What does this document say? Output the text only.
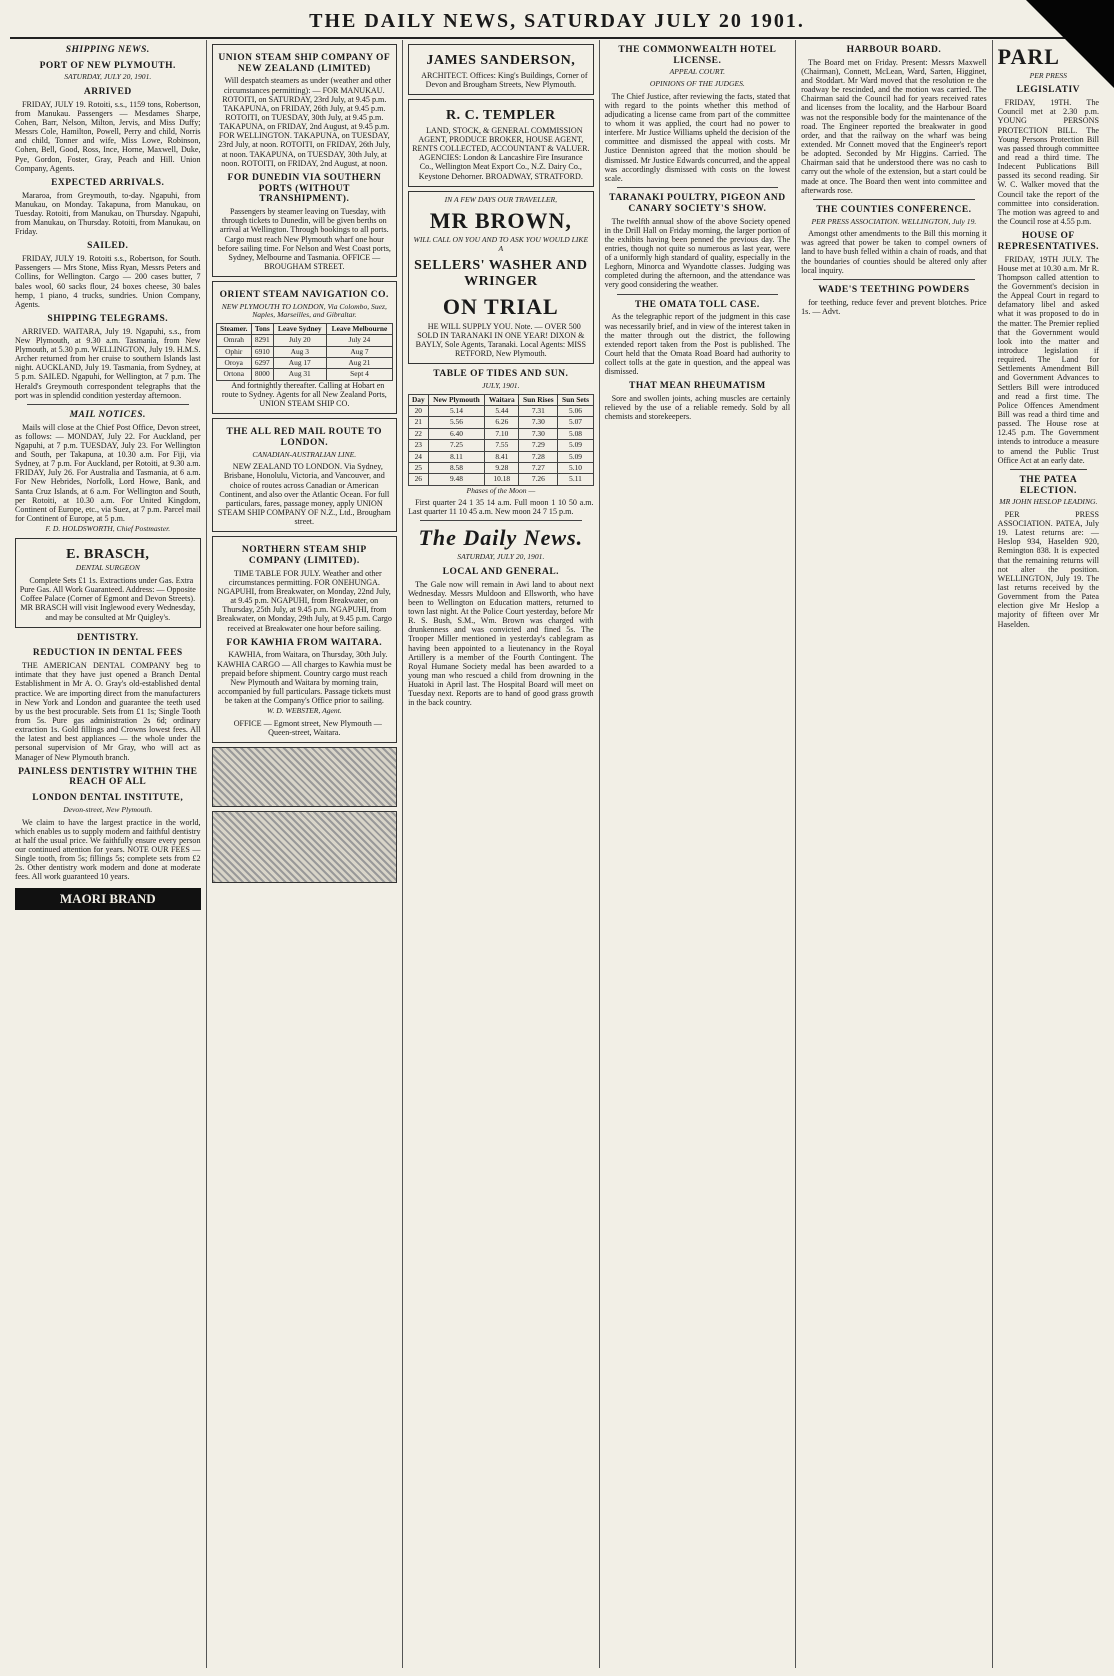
THE DAILY NEWS, SATURDAY JULY 20 1901.
SHIPPING NEWS.
PORT OF NEW PLYMOUTH.
SATURDAY, JULY 20, 1901.
ARRIVED

FRIDAY, JULY 19. Rotoiti, s.s., 1159 tons, Robertson, from Manukau. Passengers — Mesdames Sharpe, Cohen, Barr, Nelson, Milton, Jervis, and Miss Duffy; Messrs Cole, Hamilton, Powell, Perry and child, Norris and child, Tonner and wife, Miss Lowe, Robinson, Cohen, Bell, Good, Ross, Ince, Horne, Maxwell, Duke, Pye, Gordon, Foster, Gray, Peach and Hill. Union Company, Agents.

EXPECTED ARRIVALS.

Mararoa, from Greymouth, to-day. Ngapuhi, from Manukau, on Monday. Takapuna, from Manukau, on Tuesday. Rotoiti, from Manukau, on Thursday. Ngapuhi, from Manukau, on Thursday. Rotoiti, from Manukau, on Friday.

SAILED.

FRIDAY, JULY 19. Rotoiti s.s., Robertson, for South. Passengers — Mrs Stone, Miss Ryan, Messrs Peters and Collins, for Wellington. Cargo — 200 cases butter, 7 bales wool, 60 sacks flour, 24 boxes cheese, 30 bales hemp, 1 piano, 4 trucks, sundries. Union Company, Agents.

SHIPPING TELEGRAMS.

ARRIVED. WAITARA, July 19. Ngapuhi, s.s., from New Plymouth, at 9.30 a.m. Tasmania, from New Plymouth, at 5.30 p.m. WELLINGTON, July 19. H.M.S. Archer returned from her cruise to southern Islands last night. AUCKLAND, July 19. Tasmania, from Sydney, at 5 p.m. SAILED. Ngapuhi, for Wellington, at 7 p.m. The Herald's Greymouth correspondent telegraphs that the port was in splendid condition yesterday afternoon.

MAIL NOTICES.

Mails will close at the Chief Post Office, Devon street, as follows: — MONDAY, July 22. For Auckland, per Ngapuhi, at 7 p.m. TUESDAY, July 23. For Wellington and South, per Takapuna, at 10.30 a.m. For Fiji, via Sydney, at 7 p.m. For Auckland, per Rotoiti, at 9.30 a.m. FRIDAY, July 26. For Australia and Tasmania, at 6 a.m. For New Hebrides, Norfolk, Lord Howe, Bank, and Santa Cruz Islands, at 6 a.m. For Wellington and South, per Rotoiti, at 10.30 a.m. For United Kingdom, Continent of Europe, etc., via Suez, at 7 p.m. Parcel mail for Continent of Europe, at 5 p.m.

F. D. HOLDSWORTH, Chief Postmaster.
E. BRASCH,
DENTAL SURGEON

Complete Sets £1 1s. Extractions under Gas. Extra Pure Gas. All Work Guaranteed. Address: — Opposite Coffee Palace (Corner of Egmont and Devon Streets). MR BRASCH will visit Inglewood every Wednesday, and may be consulted at Mr Quigley's.

DENTISTRY.
REDUCTION IN DENTAL FEES

THE AMERICAN DENTAL COMPANY beg to intimate that they have just opened a Branch Dental Establishment in Mr A. O. Gray's old-established dental practice. We are importing direct from the manufacturers in New York and London and guarantee the teeth used by us the best procurable. Sets from £1 1s; Single Tooth from 5s. Pure gas administration 2s 6d; ordinary extraction 1s. Gold fillings and Crowns lowest fees. All the latest and best appliances — the whole under the personal supervision of Mr Gray, who will act as Manager of New Plymouth branch.

PAINLESS DENTISTRY WITHIN THE REACH OF ALL
LONDON DENTAL INSTITUTE,
Devon-street, New Plymouth.

We claim to have the largest practice in the world, which enables us to supply modern and faithful dentistry at half the usual price. We faithfully ensure every person our continued attention for years. NOTE OUR FEES — Single tooth, from 5s; fillings 5s; complete sets from £2 2s. Other dentistry work modern and done at moderate fees. All work guaranteed 10 years.

MAORI BRAND
UNION STEAM SHIP COMPANY OF NEW ZEALAND (LIMITED)

Will despatch steamers as under (weather and other circumstances permitting): — FOR MANUKAU. ROTOITI, on SATURDAY, 23rd July, at 9.45 p.m. TAKAPUNA, on FRIDAY, 26th July, at 9.45 p.m. ROTOITI, on TUESDAY, 30th July, at 9.45 p.m. TAKAPUNA, on FRIDAY, 2nd August, at 9.45 p.m. FOR WELLINGTON. TAKAPUNA, on TUESDAY, 23rd July, at noon. ROTOITI, on FRIDAY, 26th July, at noon. TAKAPUNA, on TUESDAY, 30th July, at noon. ROTOITI, on FRIDAY, 2nd August, at noon.

FOR DUNEDIN VIA SOUTHERN PORTS (WITHOUT TRANSHIPMENT).

Passengers by steamer leaving on Tuesday, with through tickets to Dunedin, will be given berths on arrival at Wellington. Through bookings to all ports. Cargo must reach New Plymouth wharf one hour before sailing time. For Nelson and West Coast ports, Sydney, Melbourne and Tasmania. OFFICE — BROUGHAM STREET.

ORIENT STEAM NAVIGATION CO.
NEW PLYMOUTH TO LONDON, Via Colombo, Suez, Naples, Marseilles, and Gibraltar.
Steamer.	Tons	Leave Sydney	Leave Melbourne
Omrah	8291	July 20	July 24
Ophir	6910	Aug 3	Aug 7
Oroya	6297	Aug 17	Aug 21
Ortona	8000	Aug 31	Sept 4

And fortnightly thereafter. Calling at Hobart en route to Sydney. Agents for all New Zealand Ports, UNION STEAM SHIP CO.

THE ALL RED MAIL ROUTE TO LONDON.
CANADIAN-AUSTRALIAN LINE.

NEW ZEALAND TO LONDON. Via Sydney, Brisbane, Honolulu, Victoria, and Vancouver, and choice of routes across Canadian or American Continent, and also over the Atlantic Ocean. For full particulars, fares, passage money, apply UNION STEAM SHIP COMPANY OF N.Z., Ltd., Brougham street.

NORTHERN STEAM SHIP COMPANY (LIMITED).

TIME TABLE FOR JULY. Weather and other circumstances permitting. FOR ONEHUNGA. NGAPUHI, from Breakwater, on Monday, 22nd July, at 9.45 p.m. NGAPUHI, from Breakwater, on Thursday, 25th July, at 9.45 p.m. NGAPUHI, from Breakwater, on Monday, 29th July, at 9.45 p.m. Cargo received at Breakwater one hour before sailing.

FOR KAWHIA FROM WAITARA.

KAWHIA, from Waitara, on Thursday, 30th July. KAWHIA CARGO — All charges to Kawhia must be prepaid before shipment. Country cargo must reach New Plymouth and Waitara by morning train, accompanied by full particulars. Passage tickets must be taken at the Company's Office prior to sailing.

W. D. WEBSTER, Agent.

OFFICE — Egmont street, New Plymouth — Queen-street, Waitara.

JAMES SANDERSON,

ARCHITECT. Offices: King's Buildings, Corner of Devon and Brougham Streets, New Plymouth.

R. C. TEMPLER

LAND, STOCK, & GENERAL COMMISSION AGENT, PRODUCE BROKER, HOUSE AGENT, RENTS COLLECTED, ACCOUNTANT & VALUER. AGENCIES: London & Lancashire Fire Insurance Co., Wellington Meat Export Co., N.Z. Dairy Co., Keystone Dehorner. BROADWAY, STRATFORD.

IN A FEW DAYS OUR TRAVELLER,
MR BROWN,
WILL CALL ON YOU AND TO ASK YOU WOULD LIKE A
SELLERS' WASHER AND WRINGER
ON TRIAL

HE WILL SUPPLY YOU. Note. — OVER 500 SOLD IN TARANAKI IN ONE YEAR! DIXON & BAYLY, Sole Agents, Taranaki. Local Agents: MISS RETFORD, New Plymouth.

TABLE OF TIDES AND SUN.
JULY, 1901.
Day	New Plymouth	Waitara	Sun Rises	Sun Sets
20	5.14	5.44	7.31	5.06
21	5.56	6.26	7.30	5.07
22	6.40	7.10	7.30	5.08
23	7.25	7.55	7.29	5.09
24	8.11	8.41	7.28	5.09
25	8.58	9.28	7.27	5.10
26	9.48	10.18	7.26	5.11
Phases of the Moon —

First quarter 24 1 35 14 a.m. Full moon 1 10 50 a.m. Last quarter 11 10 45 a.m. New moon 24 7 15 p.m.

The Daily News.
SATURDAY, JULY 20, 1901.
LOCAL AND GENERAL.

The Gale now will remain in Awi land to about next Wednesday. Messrs Muldoon and Ellsworth, who have been to Wellington on Education matters, returned to town last night. At the Police Court yesterday, before Mr R. S. Bush, S.M., Wm. Brown was charged with drunkenness and was convicted and fined 5s. The Trooper Miller mentioned in yesterday's cablegram as having been appointed to a lieutenancy in the Royal Artillery is a member of the Fourth Contingent. The Royal Humane Society medal has been awarded to a young man who rescued a child from drowning in the Huatoki in April last. The Hospital Board will meet on Tuesday next. Reports are to hand of good grass growth in the back country.

THE COMMONWEALTH HOTEL LICENSE.
APPEAL COURT.
OPINIONS OF THE JUDGES.

The Chief Justice, after reviewing the facts, stated that with regard to the points whether this method of adjudicating a license came from part of the committee to whom it was applied, the court had no power to interfere. Mr Justice Williams upheld the decision of the committee and dismissed the appeal with costs. Mr Justice Denniston agreed that the motion should be dismissed. Mr Justice Edwards concurred, and the appeal was accordingly dismissed with costs on the lowest scale.

TARANAKI POULTRY, PIGEON AND CANARY SOCIETY'S SHOW.

The twelfth annual show of the above Society opened in the Drill Hall on Friday morning, the larger portion of the exhibits having been penned the previous day. The entries, though not quite so numerous as last year, were of a uniformly high standard of quality, especially in the Leghorn, Minorca and Wyandotte classes. Judging was completed during the afternoon, and the attendance was very good considering the weather.

THE OMATA TOLL CASE.

As the telegraphic report of the judgment in this case was necessarily brief, and in view of the interest taken in the matter through out the district, the following extended report taken from the Post is published. The Court held that the Omata Road Board had authority to collect tolls at the gate in question, and the appeal was dismissed.

THAT MEAN RHEUMATISM

Sore and swollen joints, aching muscles are certainly relieved by the use of a reliable remedy. Sold by all chemists and storekeepers.

HARBOUR BOARD.

The Board met on Friday. Present: Messrs Maxwell (Chairman), Connett, McLean, Ward, Sarten, Higginet, and Stoddart. Mr Ward moved that the resolution re the roadway be rescinded, and the motion was carried. The Chairman said the Council had for years received rates and licenses from the locality, and the Harbour Board was not the responsible body for the maintenance of the road. The Engineer reported the breakwater in good order, and that the railway on the wharf was being extended. Mr Connett moved that the Engineer's report be adopted. Seconded by Mr Higgins. Carried. The Chairman said that he understood there was no cash to carry out the whole of the extension, but a start could be made at once. The Board then went into committee and afterwards rose.

THE COUNTIES CONFERENCE.
PER PRESS ASSOCIATION. WELLINGTON, July 19.

Amongst other amendments to the Bill this morning it was agreed that power be taken to compel owners of land to have bush felled within a chain of roads, and that the boundaries of counties should be altered only after local inquiry.

WADE'S TEETHING POWDERS

for teething, reduce fever and prevent blotches. Price 1s. — Advt.

PARL
PER PRESS
LEGISLATIV

FRIDAY, 19TH. The Council met at 2.30 p.m. YOUNG PERSONS PROTECTION BILL. The Young Persons Protection Bill was passed through committee and read a third time. The Indecent Publications Bill passed its second reading. Sir W. C. Walker moved that the Council take the report of the committee into consideration. The motion was agreed to and the Council rose at 4.55 p.m.

HOUSE OF REPRESENTATIVES.

FRIDAY, 19TH JULY. The House met at 10.30 a.m. Mr R. Thompson called attention to the Government's decision in the Appeal Court in regard to defamatory libel and asked what it was proposed to do in the matter. The Premier replied that the Government would look into the matter and introduce legislation if required. The Land for Settlements Amendment Bill and Government Advances to Settlers Bill were introduced and read a first time. The Police Offences Amendment Bill was read a third time and passed. The House rose at 12.45 p.m. The Government intends to introduce a measure to amend the Public Trust Office Act at an early date.

THE PATEA ELECTION.
MR JOHN HESLOP LEADING.

PER PRESS ASSOCIATION. PATEA, July 19. Latest returns are: — Heslop 934, Haselden 920, Remington 838. It is expected that the remaining returns will not alter the position. WELLINGTON, July 19. The last returns received by the Government from the Patea election give Mr Heslop a majority of fifteen over Mr Haselden.
